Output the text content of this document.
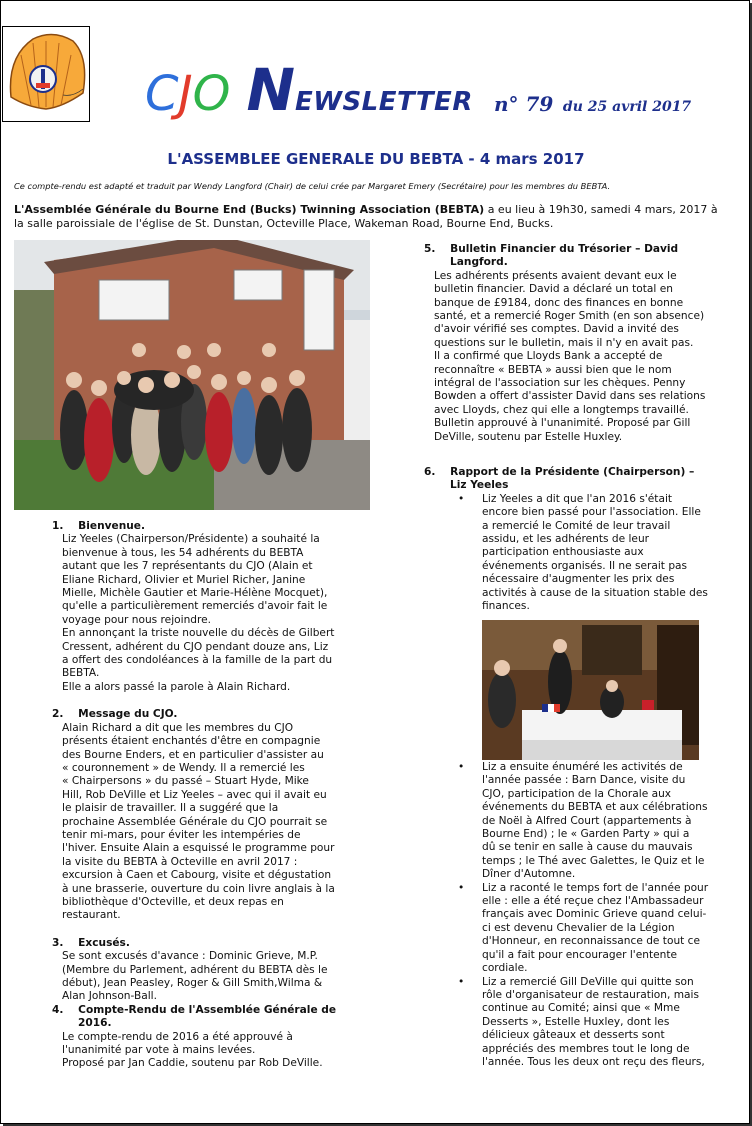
CJO NEWSLETTER n° 79 du 25 avril 2017
L'ASSEMBLEE GENERALE DU BEBTA - 4 mars 2017
Ce compte-rendu est adapté et traduit par Wendy Langford (Chair) de celui crée par Margaret Emery (Secrétaire) pour les membres du BEBTA.
L'Assemblée Générale du Bourne End (Bucks) Twinning Association (BEBTA) a eu lieu à 19h30, samedi 4 mars, 2017 à
la salle paroissiale de l'église de St. Dunstan, Octeville Place, Wakeman Road, Bourne End, Bucks.
1. Bienvenue.

Liz Yeeles (Chairperson/Présidente) a souhaité la

bienvenue à tous, les 54 adhérents du BEBTA

autant que les 7 représentants du CJO (Alain et

Eliane Richard, Olivier et Muriel Richer, Janine

Mielle, Michèle Gautier et Marie-Hélène Mocquet),

qu'elle a particulièrement remerciés d'avoir fait le

voyage pour nous rejoindre.

En annonçant la triste nouvelle du décès de Gilbert

Cressent, adhérent du CJO pendant douze ans, Liz

a offert des condoléances à la famille de la part du

BEBTA.

Elle a alors passé la parole à Alain Richard.

2. Message du CJO.

Alain Richard a dit que les membres du CJO

présents étaient enchantés d'être en compagnie

des Bourne Enders, et en particulier d'assister au

« couronnement » de Wendy. Il a remercié les

« Chairpersons » du passé – Stuart Hyde, Mike

Hill, Rob DeVille et Liz Yeeles – avec qui il avait eu

le plaisir de travailler. Il a suggéré que la

prochaine Assemblée Générale du CJO pourrait se

tenir mi-mars, pour éviter les intempéries de

l'hiver. Ensuite Alain a esquissé le programme pour

la visite du BEBTA à Octeville en avril 2017 :

excursion à Caen et Cabourg, visite et dégustation

à une brasserie, ouverture du coin livre anglais à la

bibliothèque d'Octeville, et deux repas en

restaurant.

3. Excusés.

Se sont excusés d'avance : Dominic Grieve, M.P.

(Membre du Parlement, adhérent du BEBTA dès le

début), Jean Peasley, Roger & Gill Smith,Wilma &

Alan Johnson-Ball.

4. Compte-Rendu de l'Assemblée Générale de
2016.

Le compte-rendu de 2016 a été approuvé à

l'unanimité par vote à mains levées.

Proposé par Jan Caddie, soutenu par Rob DeVille.

5. Bulletin Financier du Trésorier – David
Langford.

Les adhérents présents avaient devant eux le

bulletin financier. David a déclaré un total en

banque de £9184, donc des finances en bonne

santé, et a remercié Roger Smith (en son absence)

d'avoir vérifié ses comptes. David a invité des

questions sur le bulletin, mais il n'y en avait pas.

Il a confirmé que Lloyds Bank a accepté de

reconnaître « BEBTA » aussi bien que le nom

intégral de l'association sur les chèques. Penny

Bowden a offert d'assister David dans ses relations

avec Lloyds, chez qui elle a longtemps travaillé.

Bulletin approuvé à l'unanimité. Proposé par Gill

DeVille, soutenu par Estelle Huxley.

6. Rapport de la Présidente (Chairperson) –
Liz Yeeles

• Liz Yeeles a dit que l'an 2016 s'était

encore bien passé pour l'association. Elle

a remercié le Comité de leur travail

assidu, et les adhérents de leur

participation enthousiaste aux

événements organisés. Il ne serait pas

nécessaire d'augmenter les prix des

activités à cause de la situation stable des

finances.

• Liz a ensuite énuméré les activités de

l'année passée : Barn Dance, visite du

CJO, participation de la Chorale aux

événements du BEBTA et aux célébrations

de Noël à Alfred Court (appartements à

Bourne End) ; le « Garden Party » qui a

dû se tenir en salle à cause du mauvais

temps ; le Thé avec Galettes, le Quiz et le

Dîner d'Automne.

• Liz a raconté le temps fort de l'année pour

elle : elle a été reçue chez l'Ambassadeur

français avec Dominic Grieve quand celui-

ci est devenu Chevalier de la Légion

d'Honneur, en reconnaissance de tout ce

qu'il a fait pour encourager l'entente

cordiale.

• Liz a remercié Gill DeVille qui quitte son

rôle d'organisateur de restauration, mais

continue au Comité; ainsi que « Mme

Desserts », Estelle Huxley, dont les

délicieux gâteaux et desserts sont

appréciés des membres tout le long de

l'année. Tous les deux ont reçu des fleurs,
